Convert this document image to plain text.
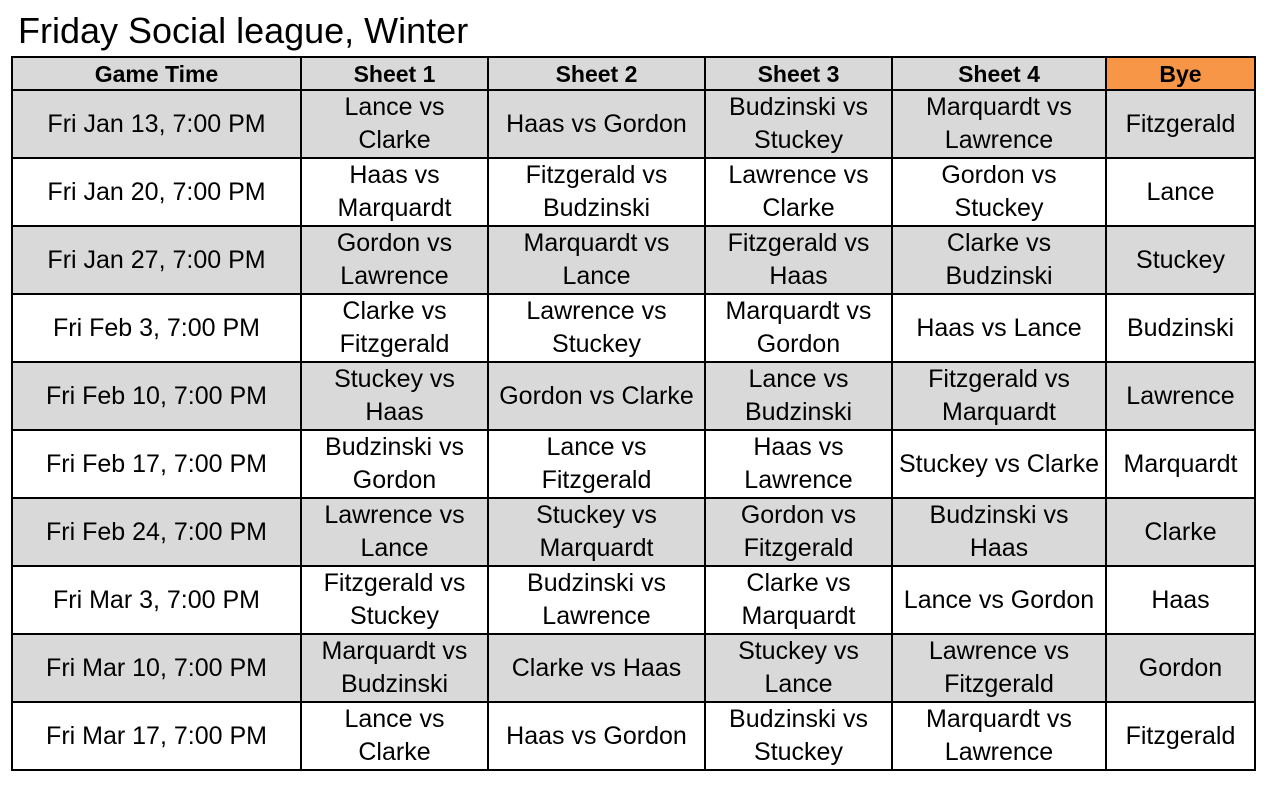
Friday Social league, Winter
Game Time	Sheet 1	Sheet 2	Sheet 3	Sheet 4	Bye
Fri Jan 13, 7:00 PM	Lance vs Clarke	Haas vs Gordon	Budzinski vs Stuckey	Marquardt vs Lawrence	Fitzgerald
Fri Jan 20, 7:00 PM	Haas vs Marquardt	Fitzgerald vs Budzinski	Lawrence vs Clarke	Gordon vs Stuckey	Lance
Fri Jan 27, 7:00 PM	Gordon vs Lawrence	Marquardt vs Lance	Fitzgerald vs Haas	Clarke vs Budzinski	Stuckey
Fri Feb 3, 7:00 PM	Clarke vs Fitzgerald	Lawrence vs Stuckey	Marquardt vs Gordon	Haas vs Lance	Budzinski
Fri Feb 10, 7:00 PM	Stuckey vs Haas	Gordon vs Clarke	Lance vs Budzinski	Fitzgerald vs Marquardt	Lawrence
Fri Feb 17, 7:00 PM	Budzinski vs Gordon	Lance vs Fitzgerald	Haas vs Lawrence	Stuckey vs Clarke	Marquardt
Fri Feb 24, 7:00 PM	Lawrence vs Lance	Stuckey vs Marquardt	Gordon vs Fitzgerald	Budzinski vs Haas	Clarke
Fri Mar 3, 7:00 PM	Fitzgerald vs Stuckey	Budzinski vs Lawrence	Clarke vs Marquardt	Lance vs Gordon	Haas
Fri Mar 10, 7:00 PM	Marquardt vs Budzinski	Clarke vs Haas	Stuckey vs Lance	Lawrence vs Fitzgerald	Gordon
Fri Mar 17, 7:00 PM	Lance vs Clarke	Haas vs Gordon	Budzinski vs Stuckey	Marquardt vs Lawrence	Fitzgerald
